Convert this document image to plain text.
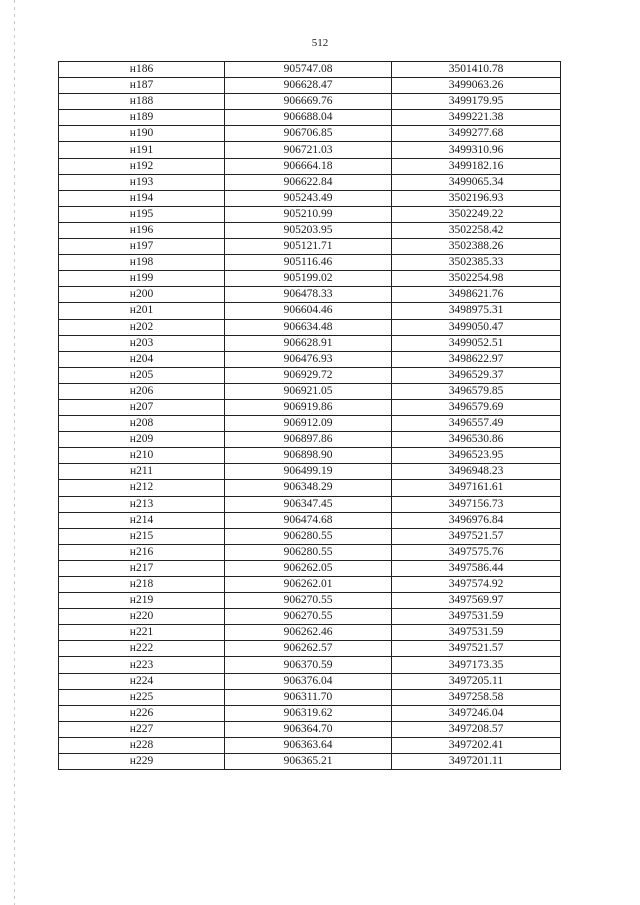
512
н186	905747.08	3501410.78
н187	906628.47	3499063.26
н188	906669.76	3499179.95
н189	906688.04	3499221.38
н190	906706.85	3499277.68
н191	906721.03	3499310.96
н192	906664.18	3499182.16
н193	906622.84	3499065.34
н194	905243.49	3502196.93
н195	905210.99	3502249.22
н196	905203.95	3502258.42
н197	905121.71	3502388.26
н198	905116.46	3502385.33
н199	905199.02	3502254.98
н200	906478.33	3498621.76
н201	906604.46	3498975.31
н202	906634.48	3499050.47
н203	906628.91	3499052.51
н204	906476.93	3498622.97
н205	906929.72	3496529.37
н206	906921.05	3496579.85
н207	906919.86	3496579.69
н208	906912.09	3496557.49
н209	906897.86	3496530.86
н210	906898.90	3496523.95
н211	906499.19	3496948.23
н212	906348.29	3497161.61
н213	906347.45	3497156.73
н214	906474.68	3496976.84
н215	906280.55	3497521.57
н216	906280.55	3497575.76
н217	906262.05	3497586.44
н218	906262.01	3497574.92
н219	906270.55	3497569.97
н220	906270.55	3497531.59
н221	906262.46	3497531.59
н222	906262.57	3497521.57
н223	906370.59	3497173.35
н224	906376.04	3497205.11
н225	906311.70	3497258.58
н226	906319.62	3497246.04
н227	906364.70	3497208.57
н228	906363.64	3497202.41
н229	906365.21	3497201.11
